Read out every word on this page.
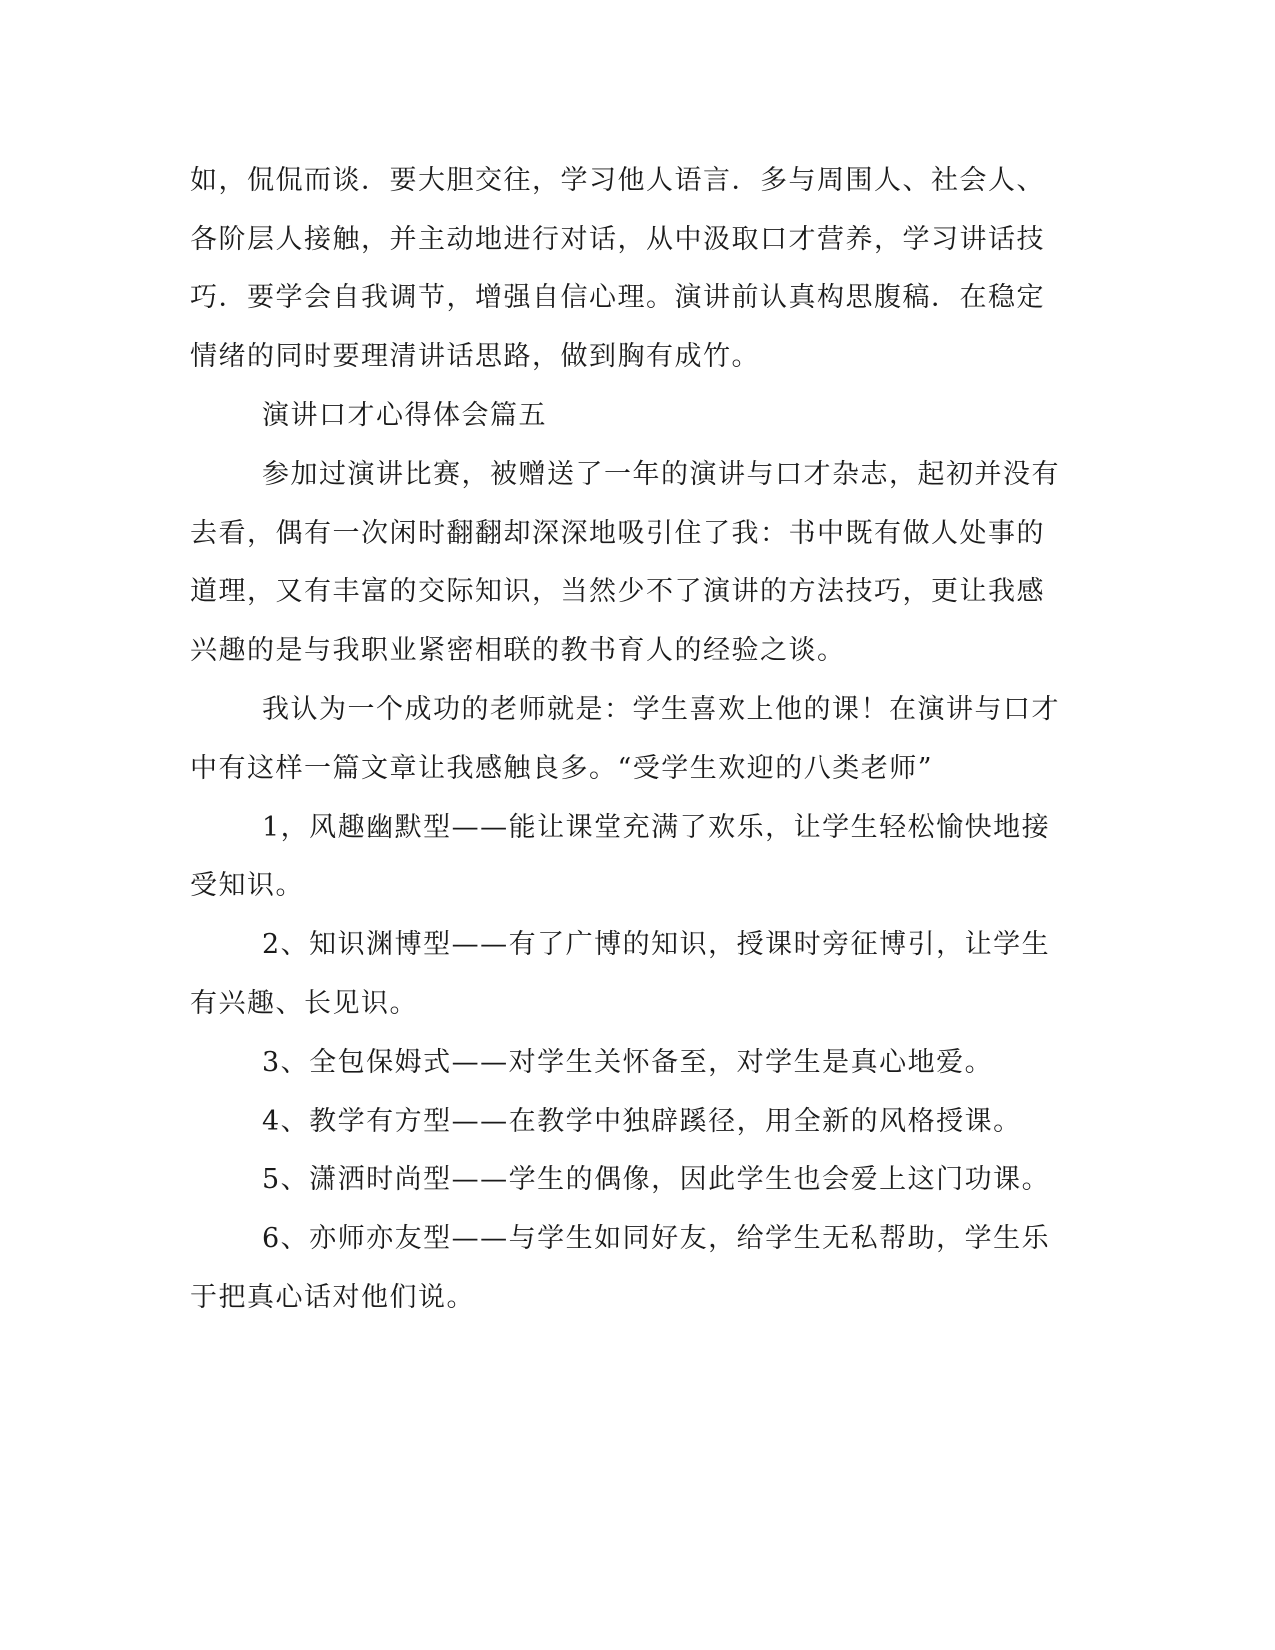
如，侃侃而谈．要大胆交往，学习他人语言．多与周围人、社会人、
各阶层人接触，并主动地进行对话，从中汲取口才营养，学习讲话技
巧．要学会自我调节，增强自信心理。演讲前认真构思腹稿．在稳定
情绪的同时要理清讲话思路，做到胸有成竹。
演讲口才心得体会篇五
参加过演讲比赛，被赠送了一年的演讲与口才杂志，起初并没有
去看，偶有一次闲时翻翻却深深地吸引住了我：书中既有做人处事的
道理，又有丰富的交际知识，当然少不了演讲的方法技巧，更让我感
兴趣的是与我职业紧密相联的教书育人的经验之谈。
我认为一个成功的老师就是：学生喜欢上他的课！在演讲与口才
中有这样一篇文章让我感触良多。“受学生欢迎的八类老师”
1，风趣幽默型——能让课堂充满了欢乐，让学生轻松愉快地接
受知识。
2、知识渊博型——有了广博的知识，授课时旁征博引，让学生
有兴趣、长见识。
3、全包保姆式——对学生关怀备至，对学生是真心地爱。
4、教学有方型——在教学中独辟蹊径，用全新的风格授课。
5、潇洒时尚型——学生的偶像，因此学生也会爱上这门功课。
6、亦师亦友型——与学生如同好友，给学生无私帮助，学生乐
于把真心话对他们说。
